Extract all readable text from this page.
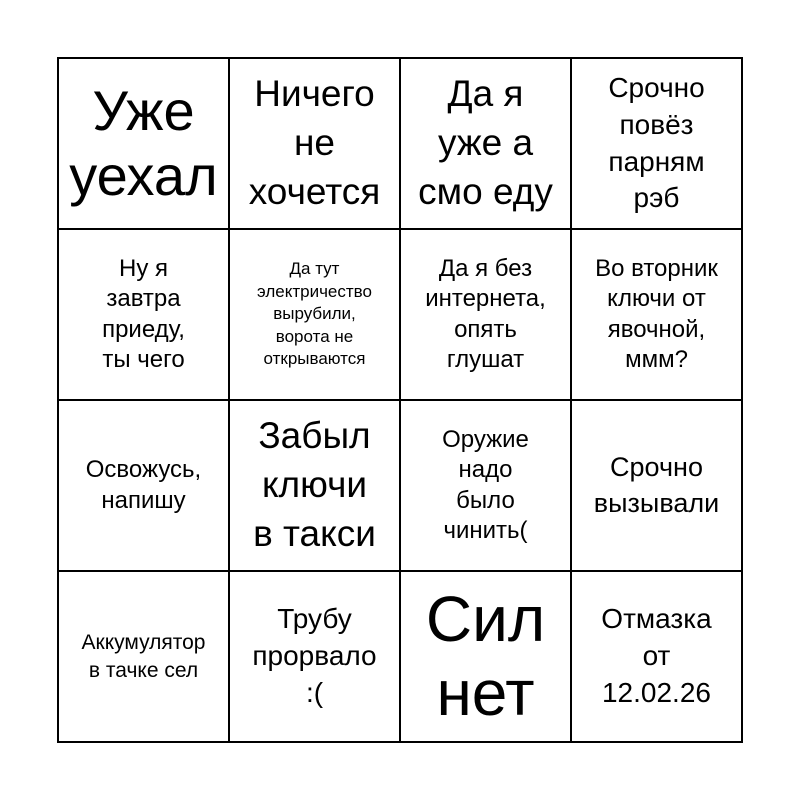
Уже
уехал
Ничего
не
хочется
Да я
уже а
смо еду
Срочно
повёз
парням
рэб
Ну я
завтра
приеду,
ты чего
Да тут
электричество
вырубили,
ворота не
открываются
Да я без
интернета,
опять
глушат
Во вторник
ключи от
явочной,
ммм?
Освожусь,
напишу
Забыл
ключи
в такси
Оружие
надо
было
чинить(
Срочно
вызывали
Аккумулятор
в тачке сел
Трубу
прорвало
:(
Сил
нет
Отмазка
от
12.02.26
